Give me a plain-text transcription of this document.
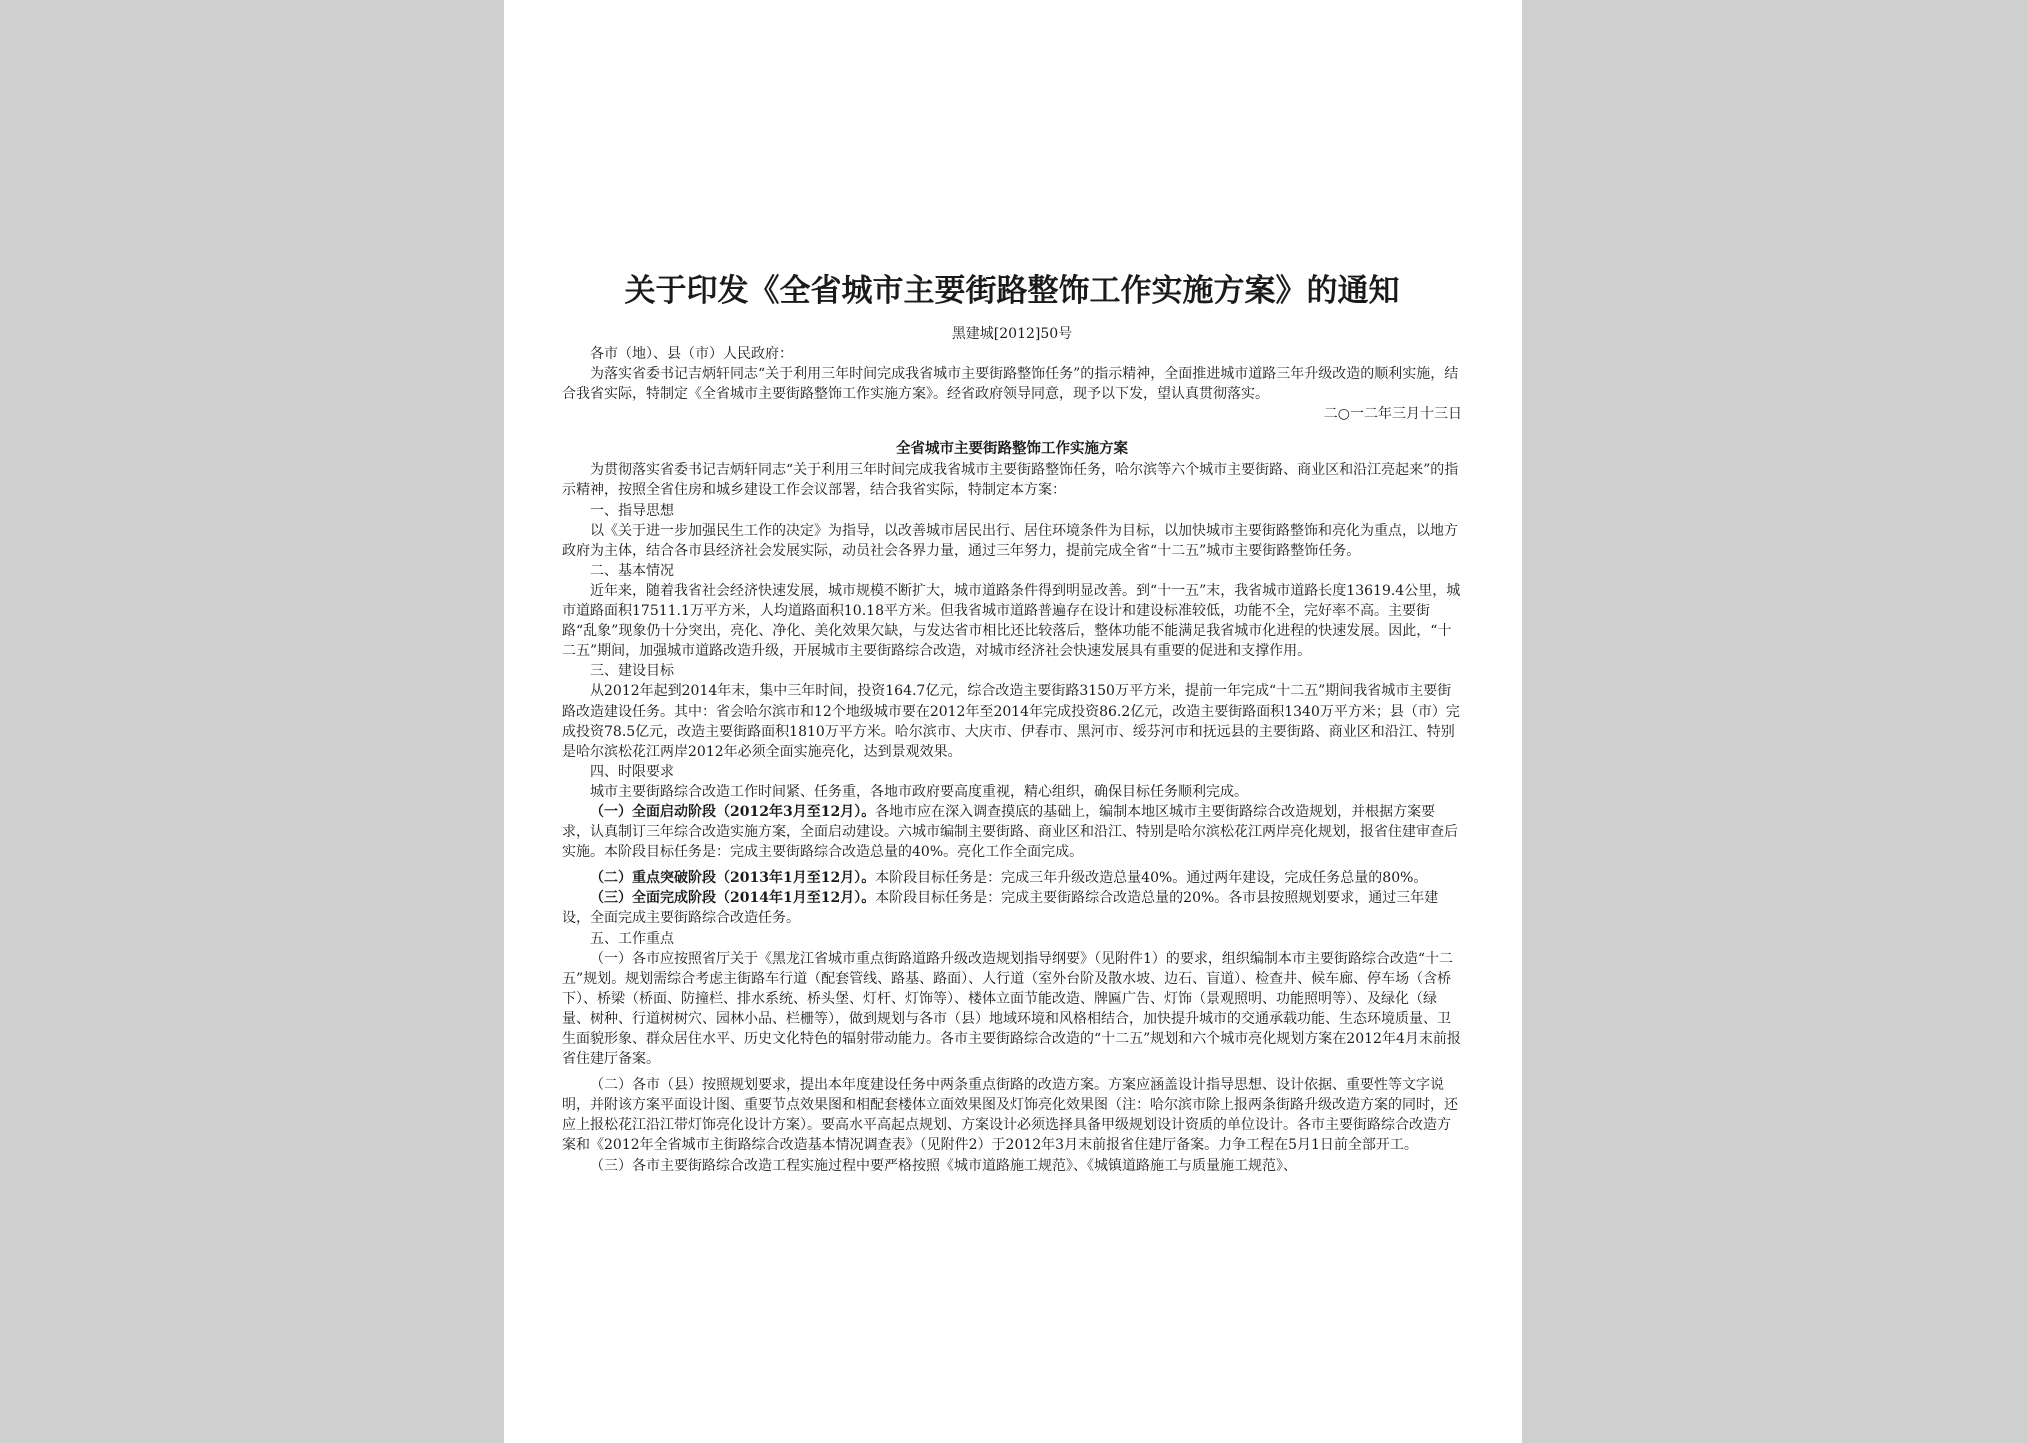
关于印发《全省城市主要街路整饰工作实施方案》的通知

黑建城[2012]50号

各市（地）、县（市）人民政府：

为落实省委书记吉炳轩同志“关于利用三年时间完成我省城市主要街路整饰任务”的指示精神，全面推进城市道路三年升级改造的顺利实施，结合我省实际，特制定《全省城市主要街路整饰工作实施方案》。经省政府领导同意，现予以下发，望认真贯彻落实。

二○一二年三月十三日

全省城市主要街路整饰工作实施方案

为贯彻落实省委书记吉炳轩同志“关于利用三年时间完成我省城市主要街路整饰任务，哈尔滨等六个城市主要街路、商业区和沿江亮起来”的指示精神，按照全省住房和城乡建设工作会议部署，结合我省实际，特制定本方案：

一、指导思想

以《关于进一步加强民生工作的决定》为指导，以改善城市居民出行、居住环境条件为目标，以加快城市主要街路整饰和亮化为重点，以地方政府为主体，结合各市县经济社会发展实际，动员社会各界力量，通过三年努力，提前完成全省“十二五”城市主要街路整饰任务。

二、基本情况

近年来，随着我省社会经济快速发展，城市规模不断扩大，城市道路条件得到明显改善。到“十一五”末，我省城市道路长度13619.4公里，城市道路面积17511.1万平方米，人均道路面积10.18平方米。但我省城市道路普遍存在设计和建设标准较低，功能不全，完好率不高。主要街路“乱象”现象仍十分突出，亮化、净化、美化效果欠缺，与发达省市相比还比较落后，整体功能不能满足我省城市化进程的快速发展。因此，“十二五”期间，加强城市道路改造升级，开展城市主要街路综合改造，对城市经济社会快速发展具有重要的促进和支撑作用。

三、建设目标

从2012年起到2014年末，集中三年时间，投资164.7亿元，综合改造主要街路3150万平方米，提前一年完成“十二五”期间我省城市主要街路改造建设任务。其中：省会哈尔滨市和12个地级城市要在2012年至2014年完成投资86.2亿元，改造主要街路面积1340万平方米；县（市）完成投资78.5亿元，改造主要街路面积1810万平方米。哈尔滨市、大庆市、伊春市、黑河市、绥芬河市和抚远县的主要街路、商业区和沿江、特别是哈尔滨松花江两岸2012年必须全面实施亮化，达到景观效果。

四、时限要求

城市主要街路综合改造工作时间紧、任务重，各地市政府要高度重视，精心组织，确保目标任务顺利完成。

（一）全面启动阶段（2012年3月至12月）。各地市应在深入调查摸底的基础上，编制本地区城市主要街路综合改造规划，并根据方案要求，认真制订三年综合改造实施方案，全面启动建设。六城市编制主要街路、商业区和沿江、特别是哈尔滨松花江两岸亮化规划，报省住建审查后实施。本阶段目标任务是：完成主要街路综合改造总量的40%。亮化工作全面完成。

（二）重点突破阶段（2013年1月至12月）。本阶段目标任务是：完成三年升级改造总量40%。通过两年建设，完成任务总量的80%。

（三）全面完成阶段（2014年1月至12月）。本阶段目标任务是：完成主要街路综合改造总量的20%。各市县按照规划要求，通过三年建设，全面完成主要街路综合改造任务。

五、工作重点

（一）各市应按照省厅关于《黑龙江省城市重点街路道路升级改造规划指导纲要》（见附件1）的要求，组织编制本市主要街路综合改造“十二五”规划。规划需综合考虑主街路车行道（配套管线、路基、路面）、人行道（室外台阶及散水坡、边石、盲道）、检查井、候车廊、停车场（含桥下）、桥梁（桥面、防撞栏、排水系统、桥头堡、灯杆、灯饰等）、楼体立面节能改造、牌匾广告、灯饰（景观照明、功能照明等）、及绿化（绿量、树种、行道树树穴、园林小品、栏栅等），做到规划与各市（县）地域环境和风格相结合，加快提升城市的交通承载功能、生态环境质量、卫生面貌形象、群众居住水平、历史文化特色的辐射带动能力。各市主要街路综合改造的“十二五”规划和六个城市亮化规划方案在2012年4月末前报省住建厅备案。

（二）各市（县）按照规划要求，提出本年度建设任务中两条重点街路的改造方案。方案应涵盖设计指导思想、设计依据、重要性等文字说明，并附该方案平面设计图、重要节点效果图和相配套楼体立面效果图及灯饰亮化效果图（注：哈尔滨市除上报两条街路升级改造方案的同时，还应上报松花江沿江带灯饰亮化设计方案）。要高水平高起点规划、方案设计必须选择具备甲级规划设计资质的单位设计。各市主要街路综合改造方案和《2012年全省城市主街路综合改造基本情况调查表》（见附件2）于2012年3月末前报省住建厅备案。力争工程在5月1日前全部开工。

（三）各市主要街路综合改造工程实施过程中要严格按照《城市道路施工规范》、《城镇道路施工与质量施工规范》、
